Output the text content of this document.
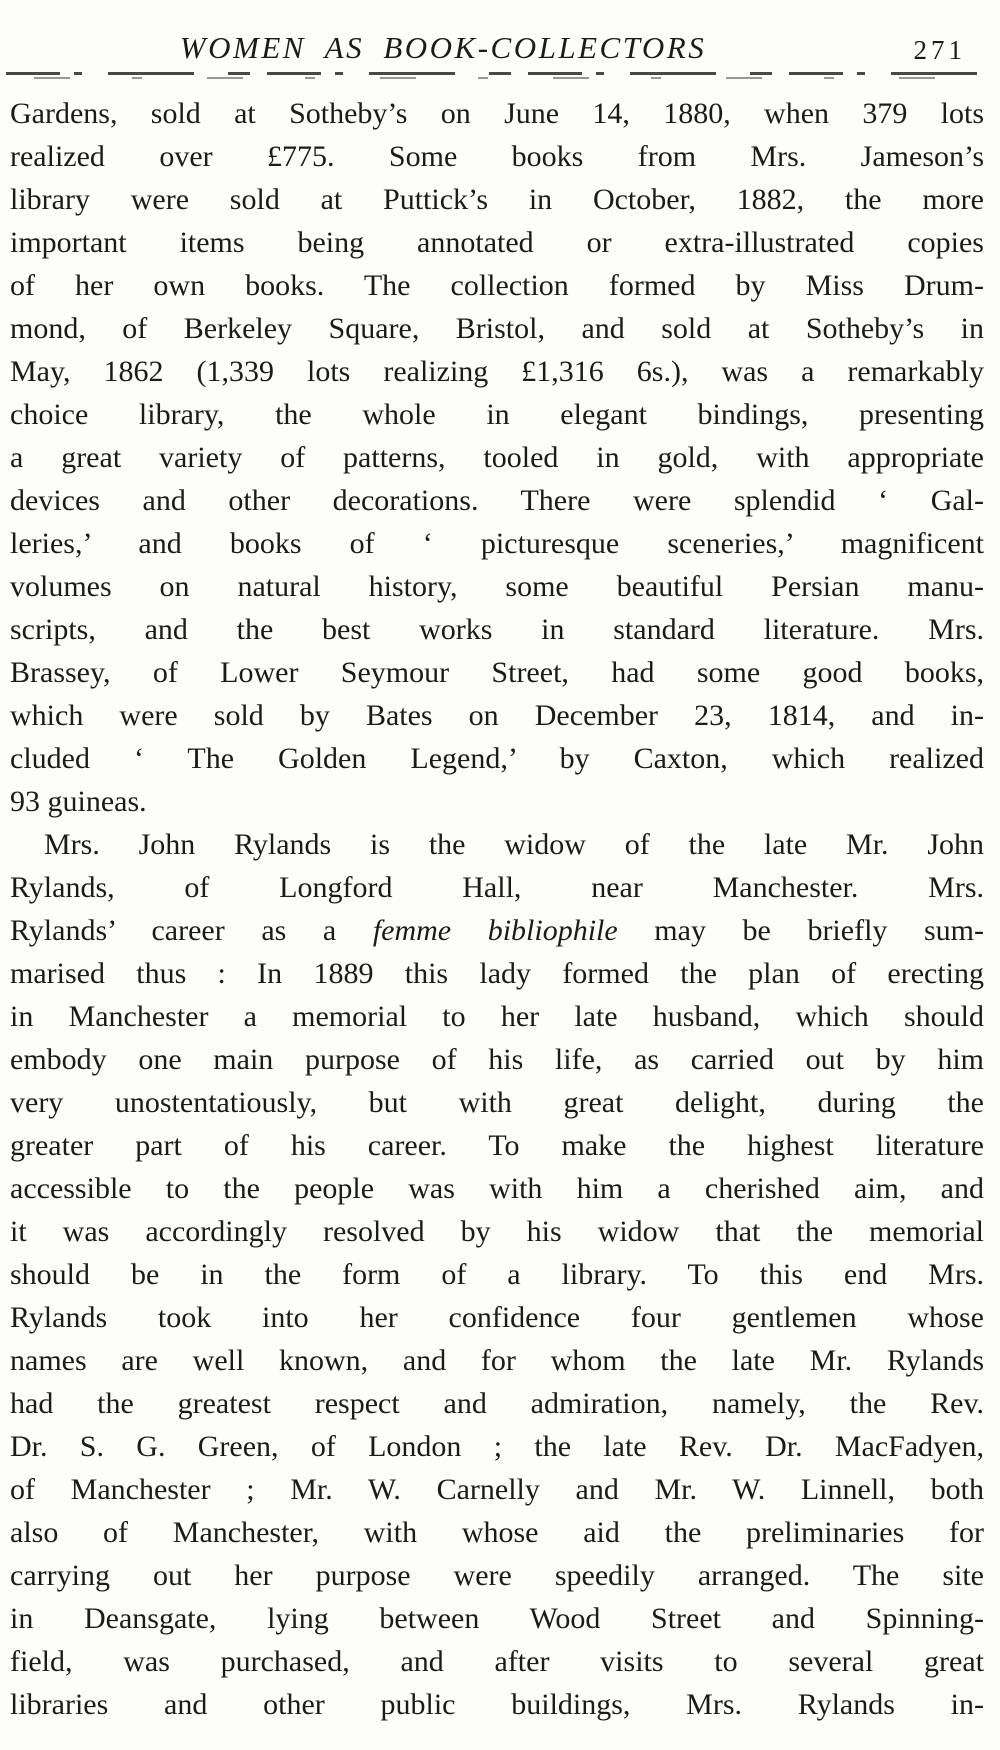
WOMEN AS BOOK-COLLECTORS	271
Gardens, sold at Sotheby’s on June 14, 1880, when 379 lots
realized over £775. Some books from Mrs. Jameson’s
library were sold at Puttick’s in October, 1882, the more
important items being annotated or extra-illustrated copies
of her own books. The collection formed by Miss Drum-
mond, of Berkeley Square, Bristol, and sold at Sotheby’s in
May, 1862 (1,339 lots realizing £1,316 6s.), was a remarkably
choice library, the whole in elegant bindings, presenting
a great variety of patterns, tooled in gold, with appropriate
devices and other decorations. There were splendid ‘ Gal-
leries,’ and books of ‘ picturesque sceneries,’ magnificent
volumes on natural history, some beautiful Persian manu-
scripts, and the best works in standard literature. Mrs.
Brassey, of Lower Seymour Street, had some good books,
which were sold by Bates on December 23, 1814, and in-
cluded ‘ The Golden Legend,’ by Caxton, which realized
93 guineas.
Mrs. John Rylands is the widow of the late Mr. John
Rylands, of Longford Hall, near Manchester. Mrs.
Rylands’ career as a femme bibliophile may be briefly sum-
marised thus : In 1889 this lady formed the plan of erecting
in Manchester a memorial to her late husband, which should
embody one main purpose of his life, as carried out by him
very unostentatiously, but with great delight, during the
greater part of his career. To make the highest literature
accessible to the people was with him a cherished aim, and
it was accordingly resolved by his widow that the memorial
should be in the form of a library. To this end Mrs.
Rylands took into her confidence four gentlemen whose
names are well known, and for whom the late Mr. Rylands
had the greatest respect and admiration, namely, the Rev.
Dr. S. G. Green, of London ; the late Rev. Dr. MacFadyen,
of Manchester ; Mr. W. Carnelly and Mr. W. Linnell, both
also of Manchester, with whose aid the preliminaries for
carrying out her purpose were speedily arranged. The site
in Deansgate, lying between Wood Street and Spinning-
field, was purchased, and after visits to several great
libraries and other public buildings, Mrs. Rylands in-
